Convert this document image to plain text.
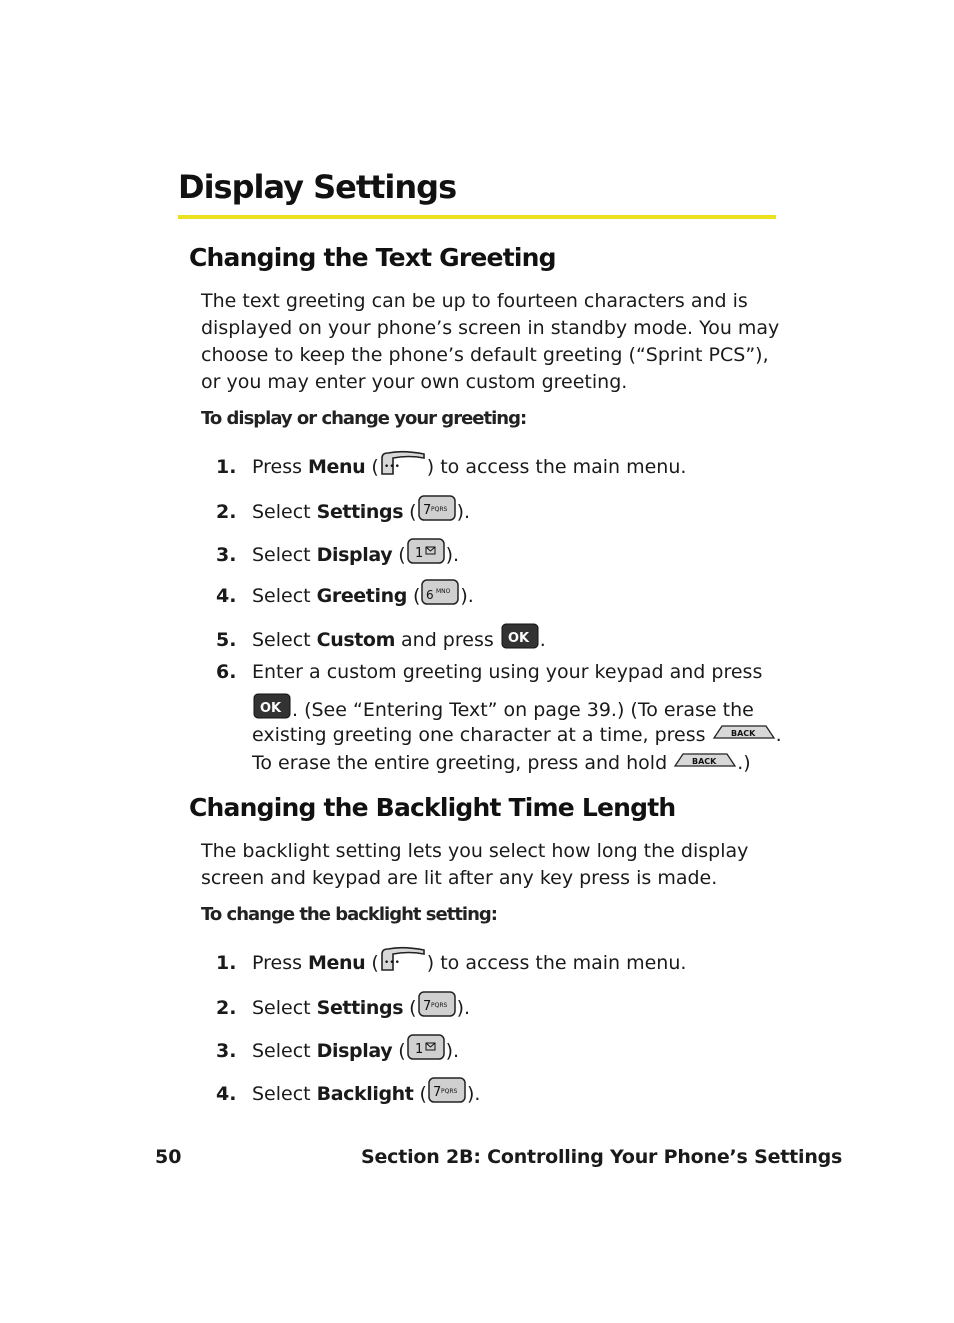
Display Settings
Changing the Text Greeting
The text greeting can be up to fourteen characters and is displayed on your phone’s screen in standby mode. You may choose to keep the phone’s default greeting (“Sprint PCS”), or you may enter your own custom greeting.
To display or change your greeting:
1. Press Menu ( ••• ) to access the main menu.
2. Select Settings ( 7 PQRS ).
3. Select Display ( 1 ).
4. Select Greeting ( 6 MNO ).
5. Select Custom and press OK .
6. Enter a custom greeting using your keypad and press
OK . (See “Entering Text” on page 39.) (To erase the
existing greeting one character at a time, press	BACK .
To erase the entire greeting, press and hold	BACK .)
Changing the Backlight Time Length
The backlight setting lets you select how long the display screen and keypad are lit after any key press is made.
To change the backlight setting:
1. Press Menu ( ••• ) to access the main menu.
2. Select Settings ( 7 PQRS ).
3. Select Display ( 1 ).
4. Select Backlight ( 7 PQRS ).
50	Section 2B: Controlling Your Phone’s Settings
